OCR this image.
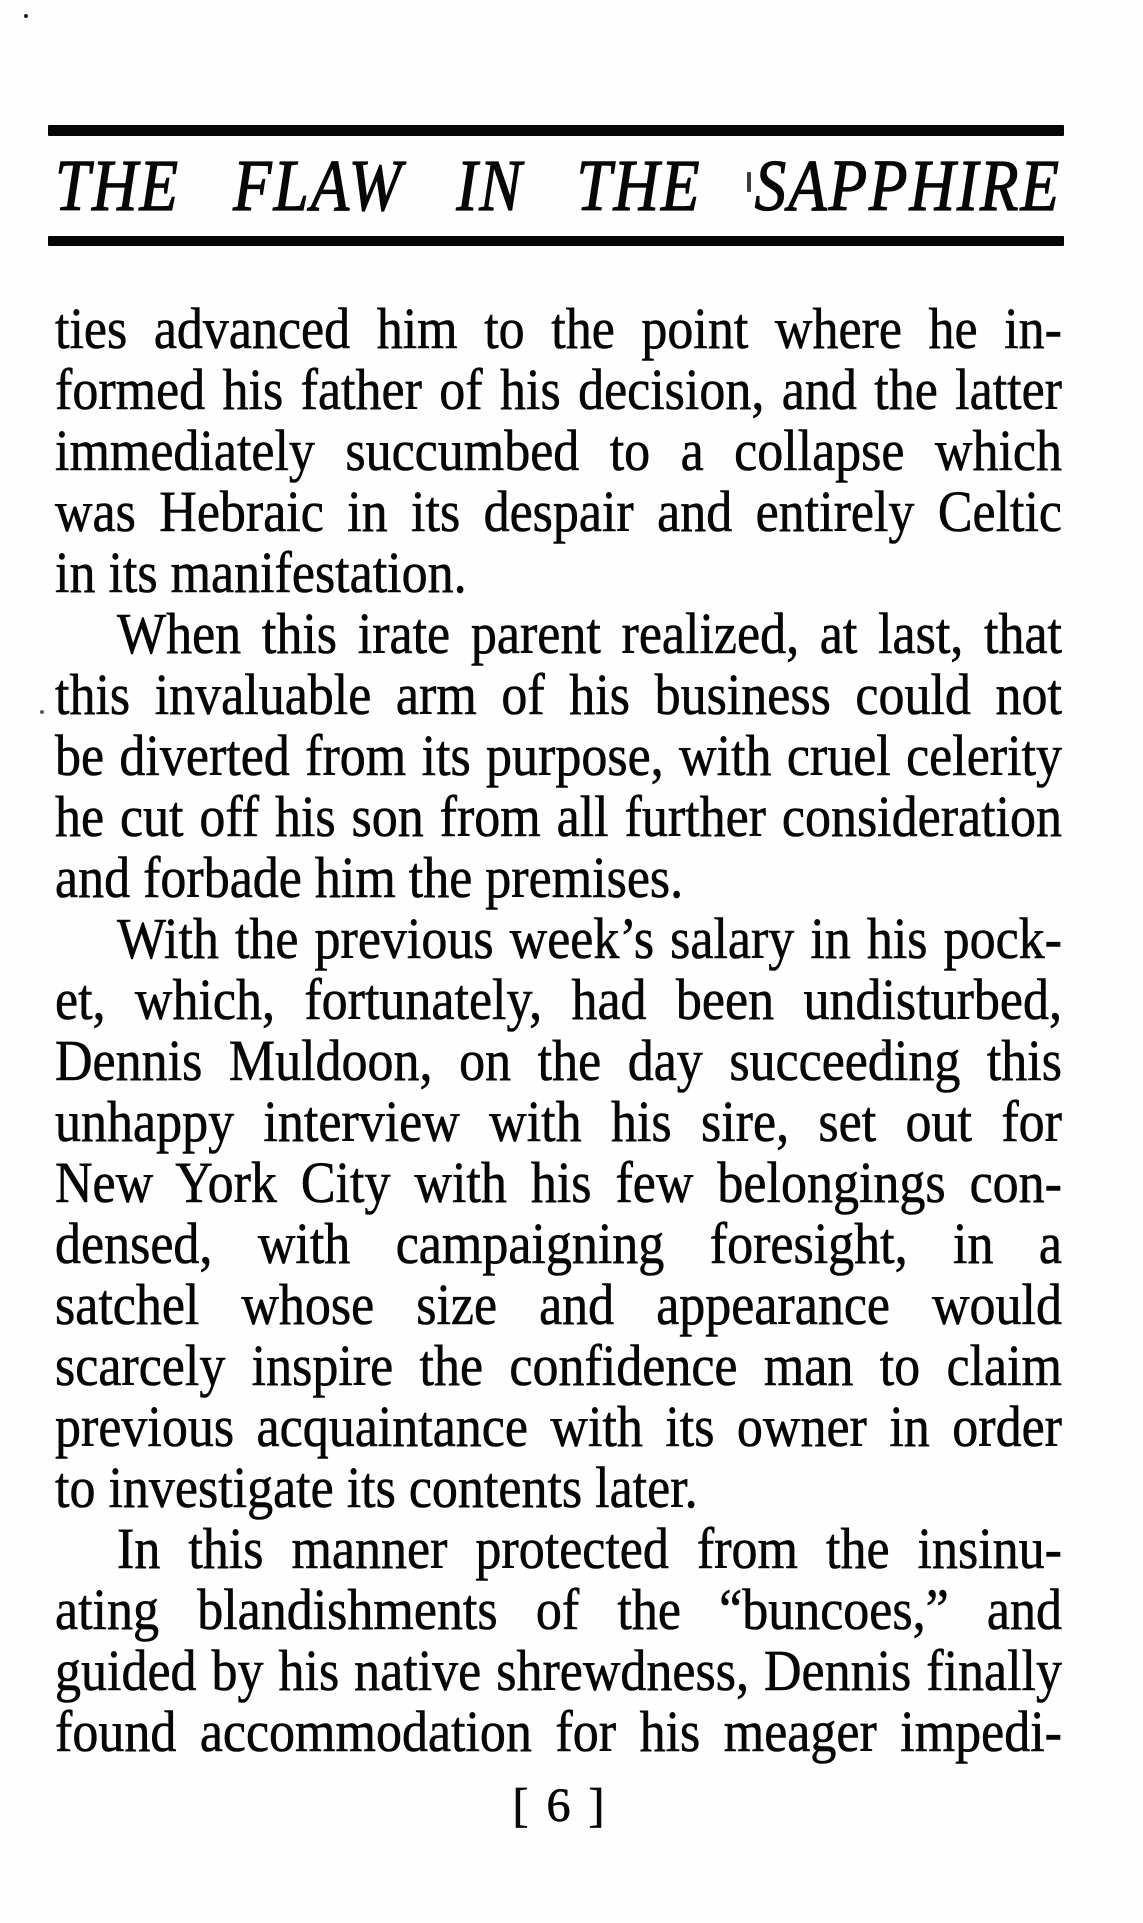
THE FLAW IN THE SAPPHIRE
ties advanced him to the point where he in-
formed his father of his decision, and the latter
immediately succumbed to a collapse which
was Hebraic in its despair and entirely Celtic
in its manifestation.
When this irate parent realized, at last, that
this invaluable arm of his business could not
be diverted from its purpose, with cruel celerity
he cut off his son from all further consideration
and forbade him the premises.
With the previous week’s salary in his pock-
et, which, fortunately, had been undisturbed,
Dennis Muldoon, on the day succeeding this
unhappy interview with his sire, set out for
New York City with his few belongings con-
densed, with campaigning foresight, in a
satchel whose size and appearance would
scarcely inspire the confidence man to claim
previous acquaintance with its owner in order
to investigate its contents later.
In this manner protected from the insinu-
ating blandishments of the “buncoes,” and
guided by his native shrewdness, Dennis finally
found accommodation for his meager impedi-
[ 6 ]
